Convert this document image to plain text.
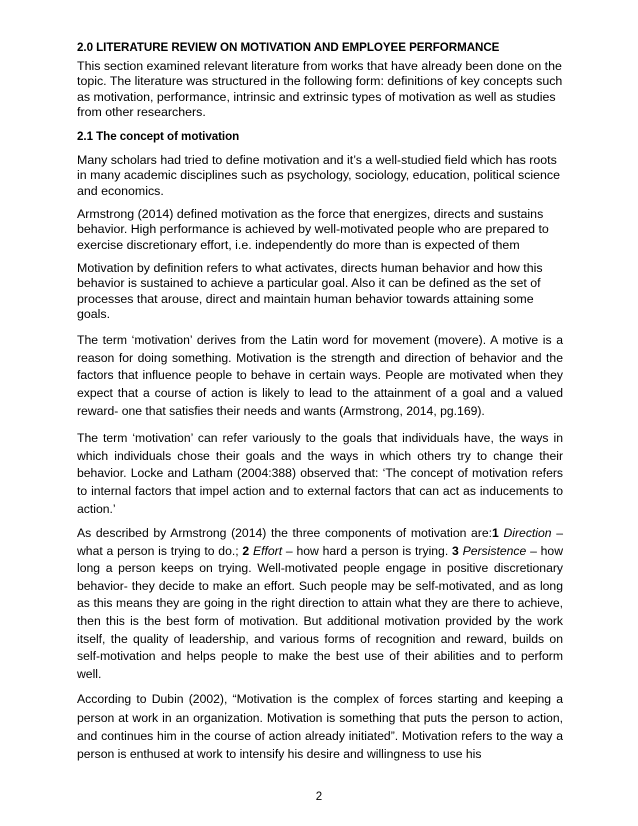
2.0 LITERATURE REVIEW ON MOTIVATION AND EMPLOYEE PERFORMANCE

This section examined relevant literature from works that have already been done on the topic. The literature was structured in the following form: definitions of key concepts such as motivation, performance, intrinsic and extrinsic types of motivation as well as studies from other researchers.

2.1 The concept of motivation

Many scholars had tried to define motivation and it’s a well-studied field which has roots in many academic disciplines such as psychology, sociology, education, political science and economics.

Armstrong (2014) defined motivation as the force that energizes, directs and sustains behavior. High performance is achieved by well-motivated people who are prepared to exercise discretionary effort, i.e. independently do more than is expected of them

Motivation by definition refers to what activates, directs human behavior and how this behavior is sustained to achieve a particular goal. Also it can be defined as the set of processes that arouse, direct and maintain human behavior towards attaining some goals.

The term ‘motivation’ derives from the Latin word for movement (movere). A motive is a reason for doing something. Motivation is the strength and direction of behavior and the factors that influence people to behave in certain ways. People are motivated when they expect that a course of action is likely to lead to the attainment of a goal and a valued reward‐ one that satisfies their needs and wants (Armstrong, 2014, pg.169).

The term ‘motivation’ can refer variously to the goals that individuals have, the ways in which individuals chose their goals and the ways in which others try to change their behavior. Locke and Latham (2004:388) observed that: ‘The concept of motivation refers to internal factors that impel action and to external factors that can act as inducements to action.’

As described by Armstrong (2014) the three components of motivation are:1 Direction – what a person is trying to do.; 2 Effort – how hard a person is trying. 3 Persistence – how long a person keeps on trying. Well-motivated people engage in positive discretionary behavior‐ they decide to make an effort. Such people may be self-motivated, and as long as this means they are going in the right direction to attain what they are there to achieve, then this is the best form of motivation. But additional motivation provided by the work itself, the quality of leadership, and various forms of recognition and reward, builds on self-motivation and helps people to make the best use of their abilities and to perform well.

According to Dubin (2002), “Motivation is the complex of forces starting and keeping a person at work in an organization. Motivation is something that puts the person to action, and continues him in the course of action already initiated”. Motivation refers to the way a person is enthused at work to intensify his desire and willingness to use his

2
